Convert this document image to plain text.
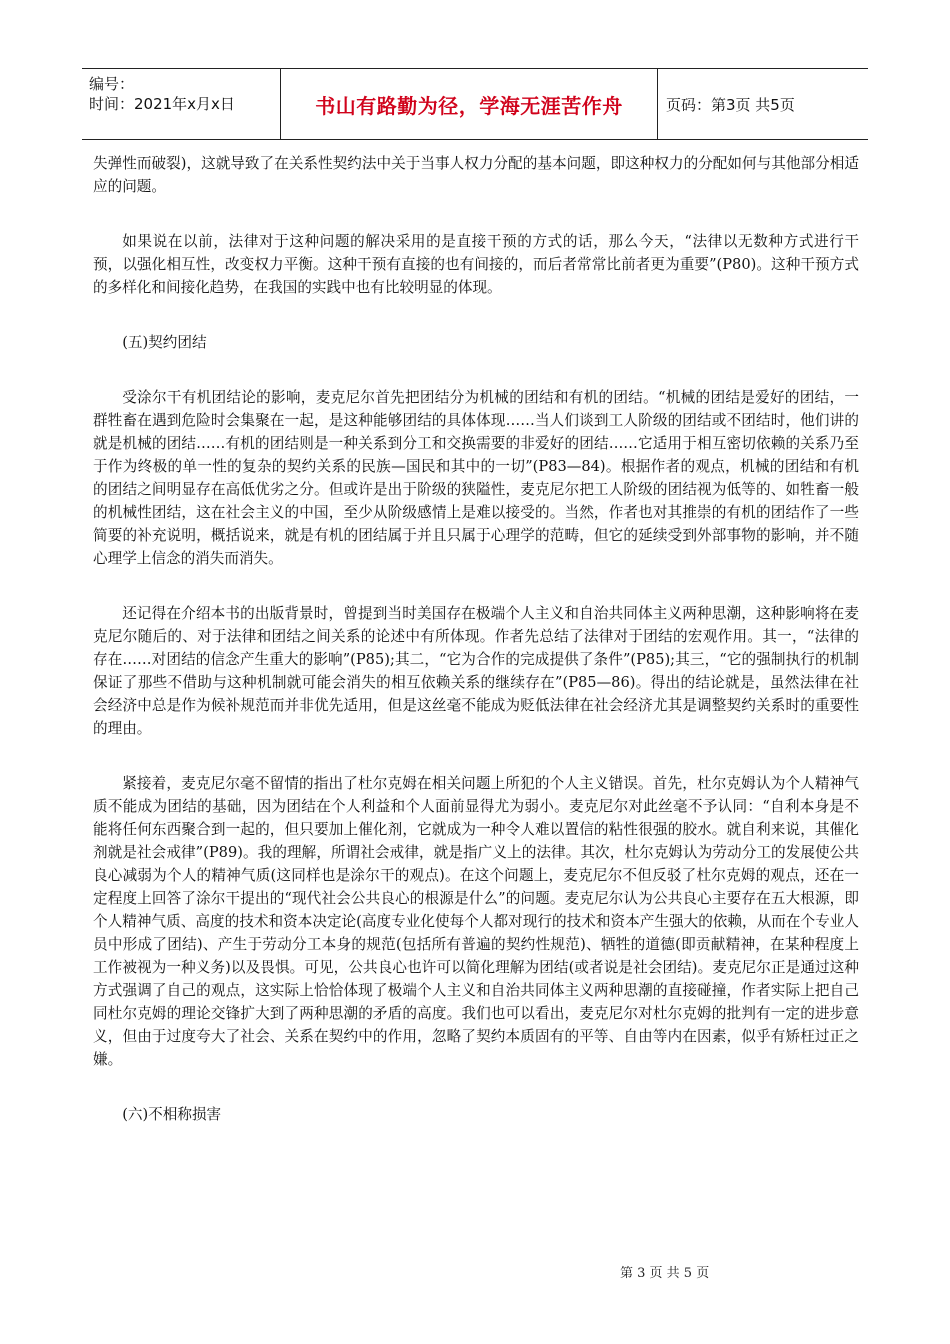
编号：
时间：2021年x月x日	书山有路勤为径，学海无涯苦作舟	页码：第3页 共5页

失弹性而破裂)，这就导致了在关系性契约法中关于当事人权力分配的基本问题，即这种权力的分配如何与其他部分相适应的问题。

如果说在以前，法律对于这种问题的解决采用的是直接干预的方式的话，那么今天，“法律以无数种方式进行干预，以强化相互性，改变权力平衡。这种干预有直接的也有间接的，而后者常常比前者更为重要”(P80)。这种干预方式的多样化和间接化趋势，在我国的实践中也有比较明显的体现。

(五)契约团结

受涂尔干有机团结论的影响，麦克尼尔首先把团结分为机械的团结和有机的团结。“机械的团结是爱好的团结，一群牲畜在遇到危险时会集聚在一起，是这种能够团结的具体体现……当人们谈到工人阶级的团结或不团结时，他们讲的就是机械的团结……有机的团结则是一种关系到分工和交换需要的非爱好的团结……它适用于相互密切依赖的关系乃至于作为终极的单一性的复杂的契约关系的民族—国民和其中的一切”(P83—84)。根据作者的观点，机械的团结和有机的团结之间明显存在高低优劣之分。但或许是出于阶级的狭隘性，麦克尼尔把工人阶级的团结视为低等的、如牲畜一般的机械性团结，这在社会主义的中国，至少从阶级感情上是难以接受的。当然，作者也对其推崇的有机的团结作了一些简要的补充说明，概括说来，就是有机的团结属于并且只属于心理学的范畴，但它的延续受到外部事物的影响，并不随心理学上信念的消失而消失。

还记得在介绍本书的出版背景时，曾提到当时美国存在极端个人主义和自治共同体主义两种思潮，这种影响将在麦克尼尔随后的、对于法律和团结之间关系的论述中有所体现。作者先总结了法律对于团结的宏观作用。其一，“法律的存在……对团结的信念产生重大的影响”(P85);其二，“它为合作的完成提供了条件”(P85);其三，“它的强制执行的机制保证了那些不借助与这种机制就可能会消失的相互依赖关系的继续存在”(P85—86)。得出的结论就是，虽然法律在社会经济中总是作为候补规范而并非优先适用，但是这丝毫不能成为贬低法律在社会经济尤其是调整契约关系时的重要性的理由。

紧接着，麦克尼尔毫不留情的指出了杜尔克姆在相关问题上所犯的个人主义错误。首先，杜尔克姆认为个人精神气质不能成为团结的基础，因为团结在个人利益和个人面前显得尤为弱小。麦克尼尔对此丝毫不予认同：“自利本身是不能将任何东西聚合到一起的，但只要加上催化剂，它就成为一种令人难以置信的粘性很强的胶水。就自利来说，其催化剂就是社会戒律”(P89)。我的理解，所谓社会戒律，就是指广义上的法律。其次，杜尔克姆认为劳动分工的发展使公共良心减弱为个人的精神气质(这同样也是涂尔干的观点)。在这个问题上，麦克尼尔不但反驳了杜尔克姆的观点，还在一定程度上回答了涂尔干提出的“现代社会公共良心的根源是什么”的问题。麦克尼尔认为公共良心主要存在五大根源，即个人精神气质、高度的技术和资本决定论(高度专业化使每个人都对现行的技术和资本产生强大的依赖，从而在个专业人员中形成了团结)、产生于劳动分工本身的规范(包括所有普遍的契约性规范)、牺牲的道德(即贡献精神，在某种程度上工作被视为一种义务)以及畏惧。可见，公共良心也许可以简化理解为团结(或者说是社会团结)。麦克尼尔正是通过这种方式强调了自己的观点，这实际上恰恰体现了极端个人主义和自治共同体主义两种思潮的直接碰撞，作者实际上把自己同杜尔克姆的理论交锋扩大到了两种思潮的矛盾的高度。我们也可以看出，麦克尼尔对杜尔克姆的批判有一定的进步意义，但由于过度夸大了社会、关系在契约中的作用，忽略了契约本质固有的平等、自由等内在因素，似乎有矫枉过正之嫌。

(六)不相称损害

第 3 页 共 5 页
